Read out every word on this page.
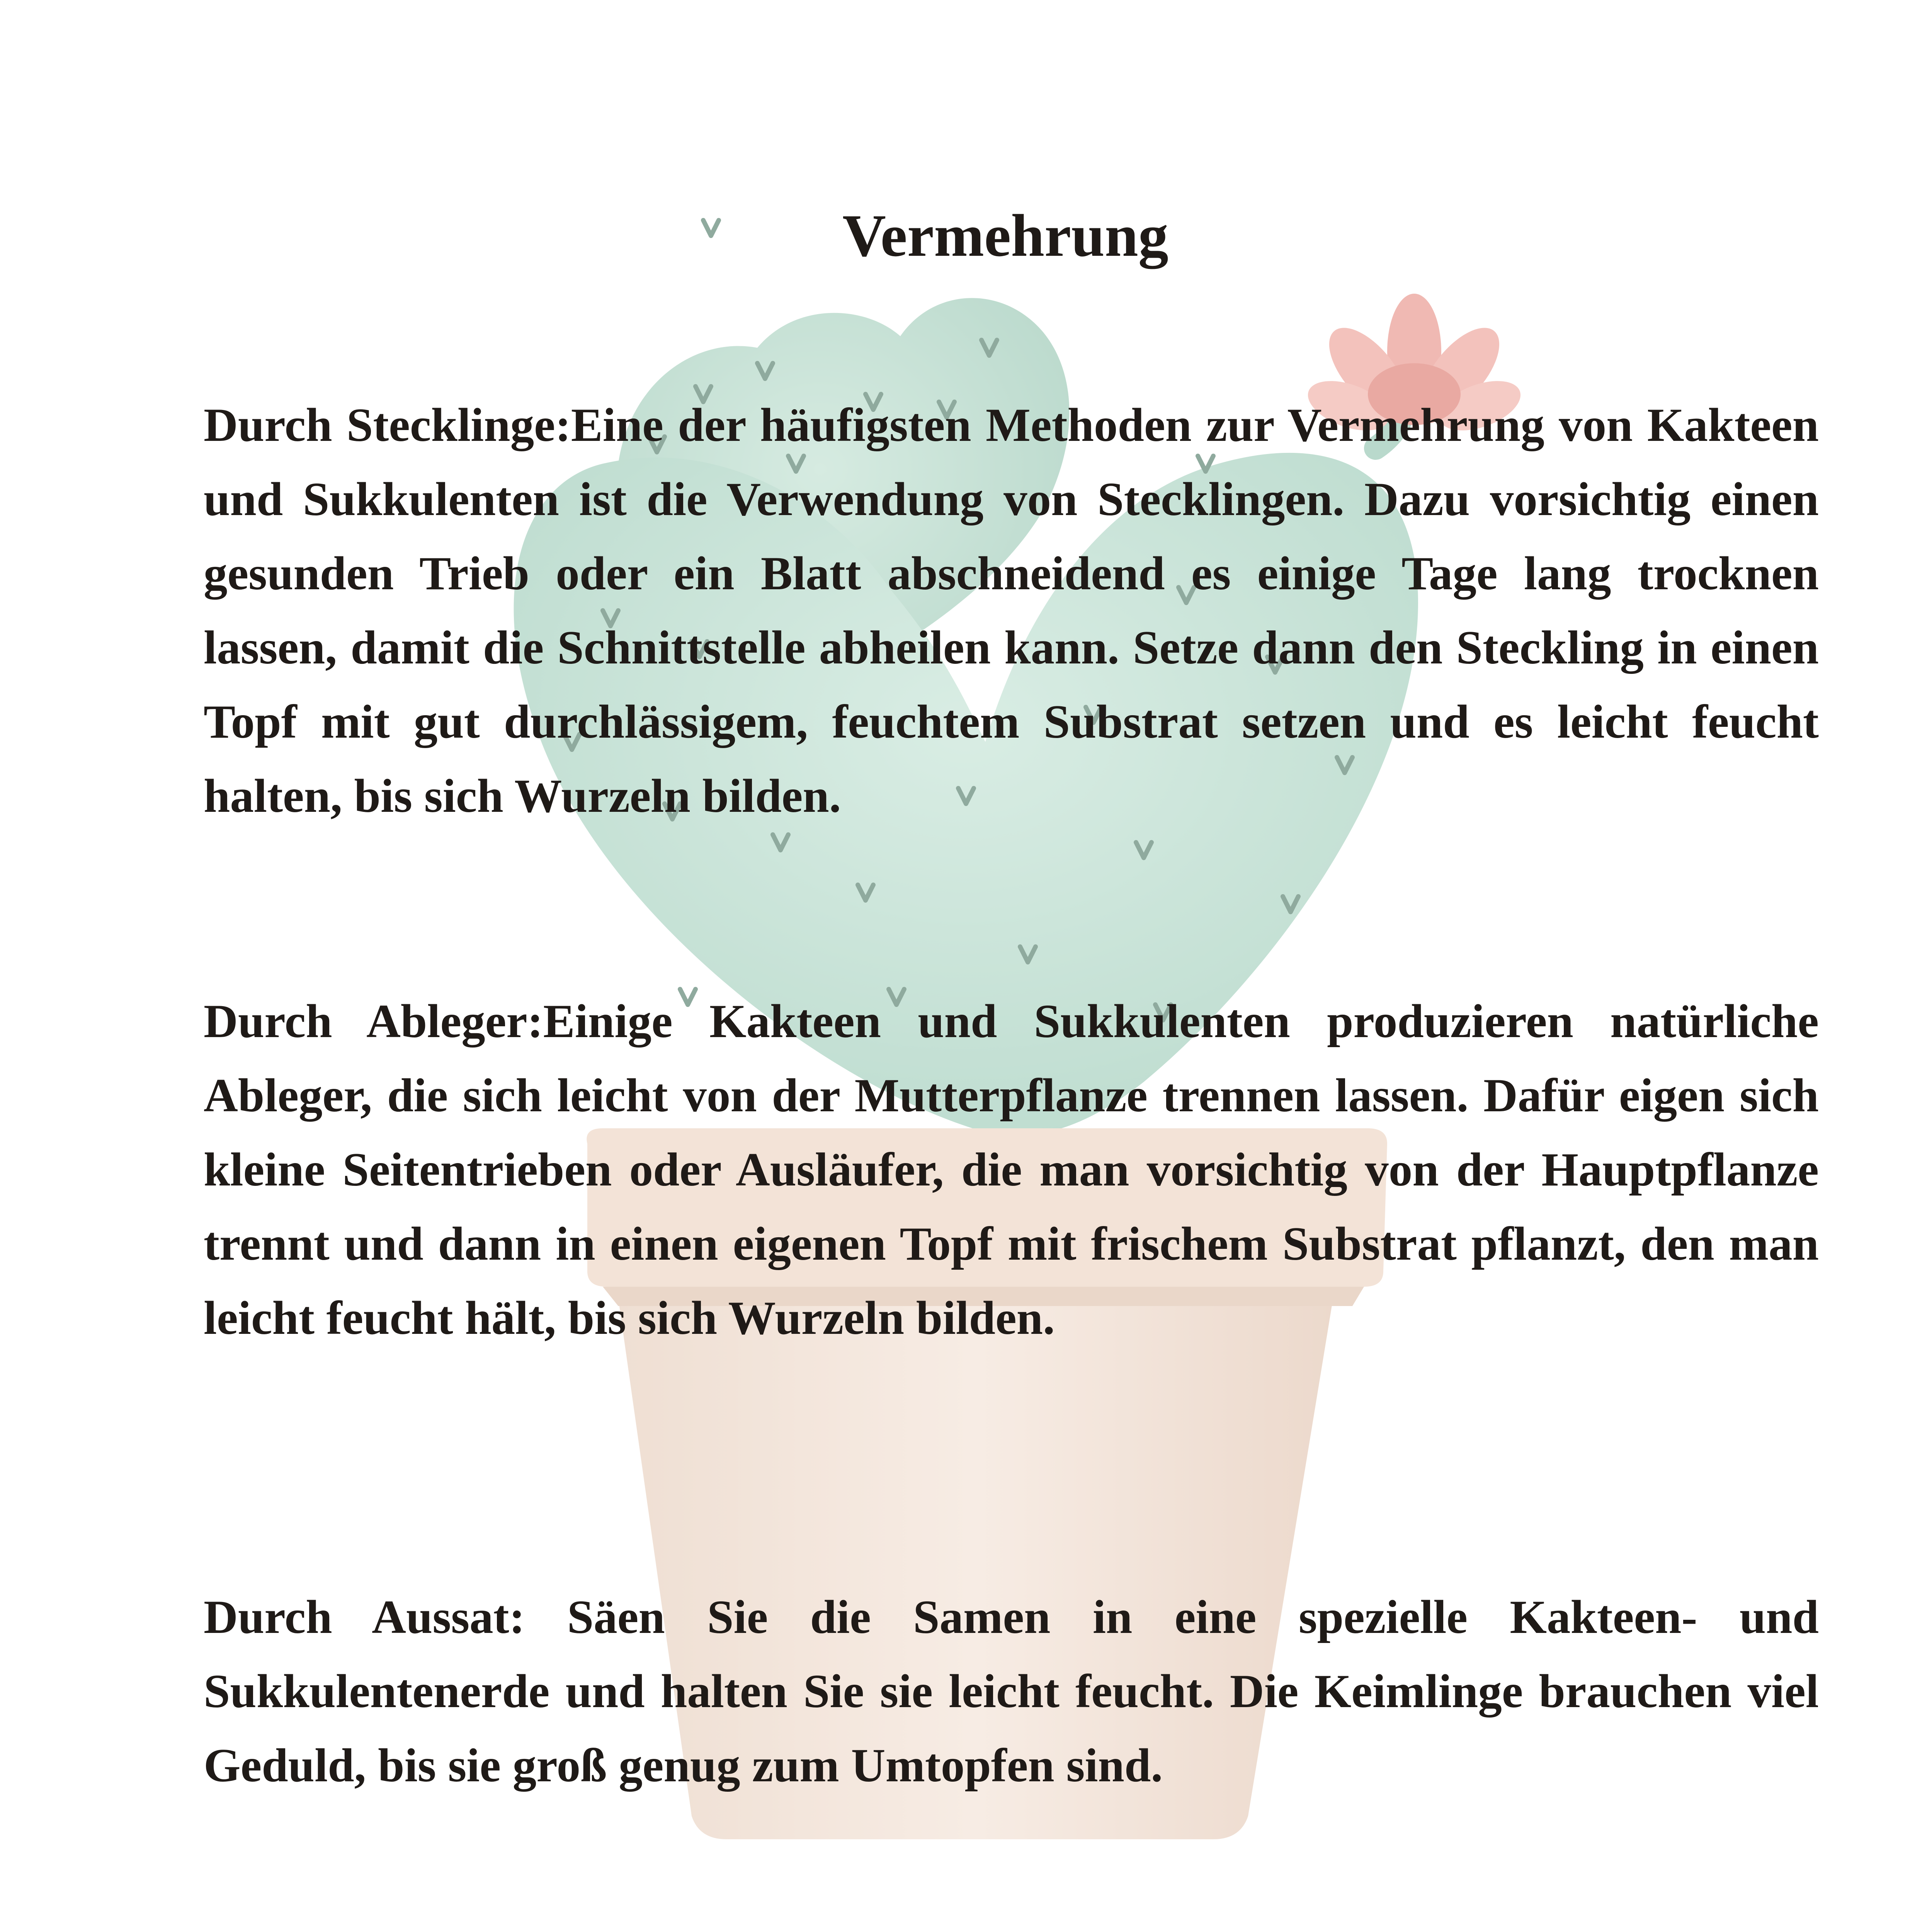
Vermehrung

Durch Stecklinge:Eine der häufigsten Methoden zur Vermehrung von Kakteen und Sukkulenten ist die Verwendung von Stecklingen. Dazu vorsichtig einen gesunden Trieb oder ein Blatt abschneidend es einige Tage lang trocknen lassen, damit die Schnittstelle abheilen kann. Setze dann den Steckling in einen Topf mit gut durchlässigem, feuchtem Substrat setzen und es leicht feucht halten, bis sich Wurzeln bilden.

Durch Ableger:Einige Kakteen und Sukkulenten produzieren natürliche Ableger, die sich leicht von der Mutterpflanze trennen lassen. Dafür eigen sich kleine Seitentrieben oder Ausläufer, die man vorsichtig von der Hauptpflanze trennt und dann in einen eigenen Topf mit frischem Substrat pflanzt, den man leicht feucht hält, bis sich Wurzeln bilden.

Durch Aussat: Säen Sie die Samen in eine spezielle Kakteen- und Sukkulentenerde und halten Sie sie leicht feucht. Die Keimlinge brauchen viel Geduld, bis sie groß genug zum Umtopfen sind.
